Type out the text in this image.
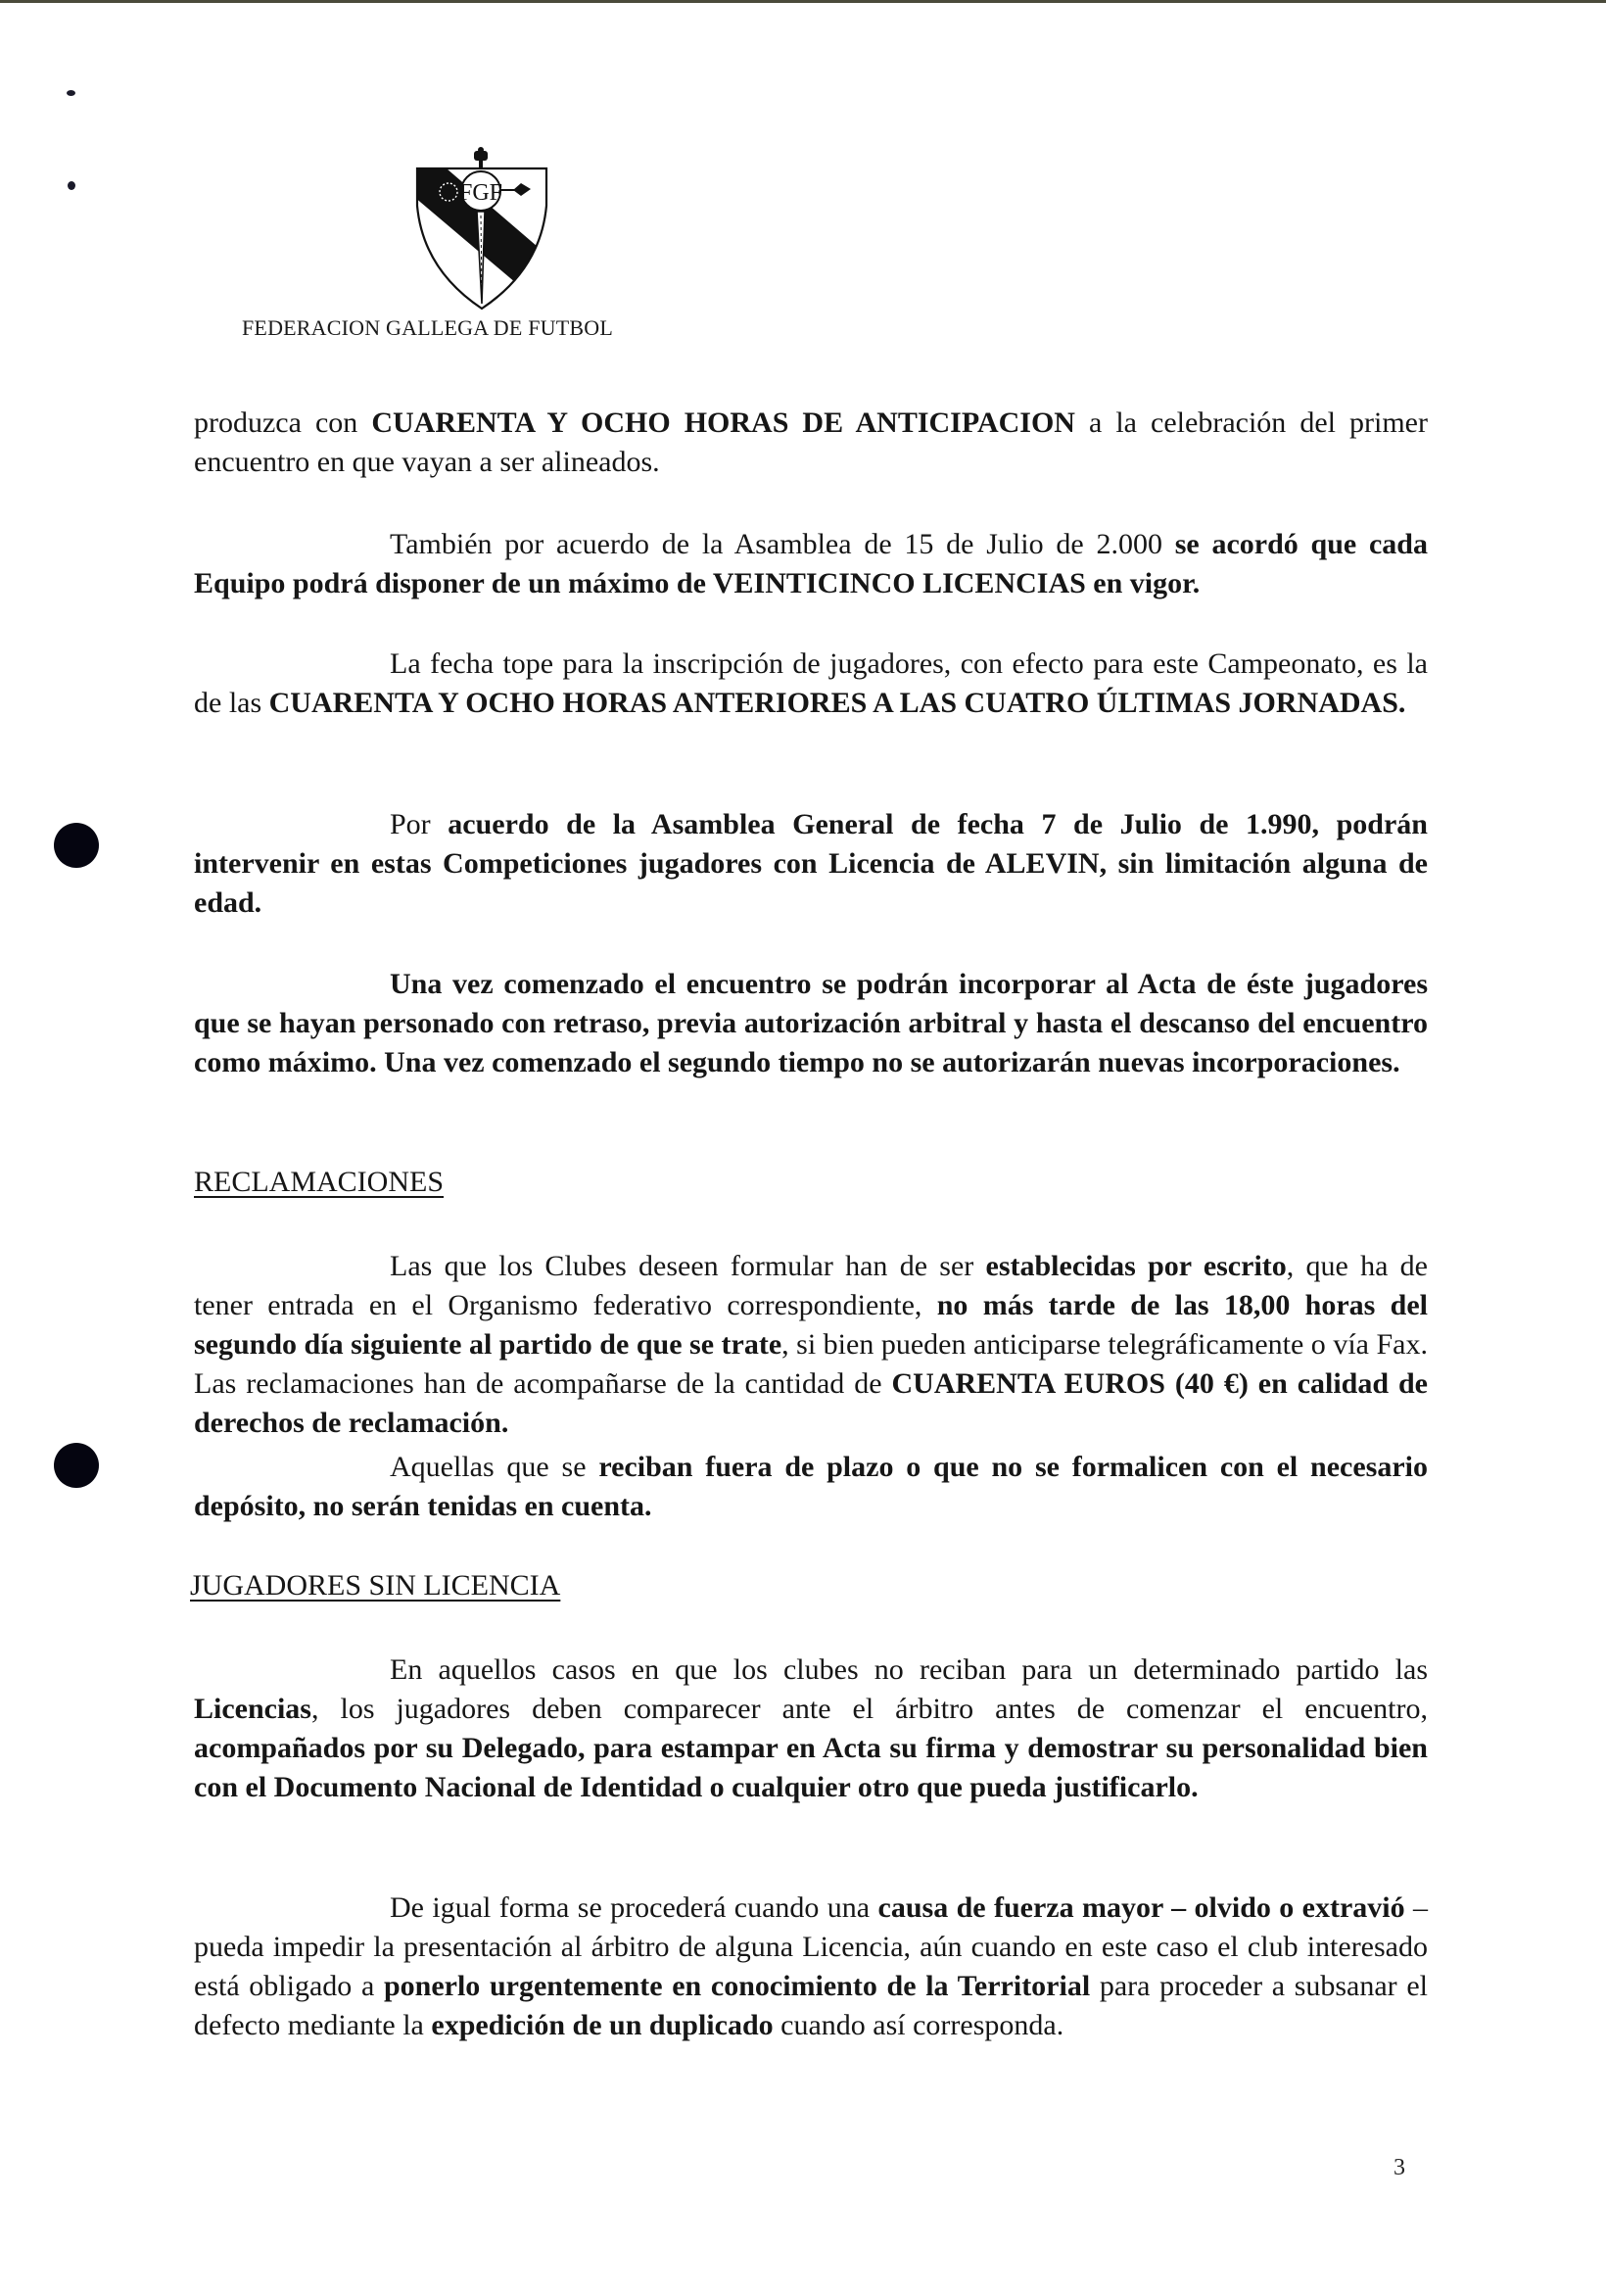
FGF
FEDERACION GALLEGA DE FUTBOL

produzca con CUARENTA Y OCHO HORAS DE ANTICIPACION a la celebración del primer encuentro en que vayan a ser alineados.

También por acuerdo de la Asamblea de 15 de Julio de 2.000 se acordó que cada Equipo podrá disponer de un máximo de VEINTICINCO LICENCIAS en vigor.

La fecha tope para la inscripción de jugadores, con efecto para este Campeonato, es la de las CUARENTA Y OCHO HORAS ANTERIORES A LAS CUATRO ÚLTIMAS JORNADAS.

Por acuerdo de la Asamblea General de fecha 7 de Julio de 1.990, podrán intervenir en estas Competiciones jugadores con Licencia de ALEVIN, sin limitación alguna de edad.

Una vez comenzado el encuentro se podrán incorporar al Acta de éste jugadores que se hayan personado con retraso, previa autorización arbitral y hasta el descanso del encuentro como máximo. Una vez comenzado el segundo tiempo no se autorizarán nuevas incorporaciones.

RECLAMACIONES

Las que los Clubes deseen formular han de ser establecidas por escrito, que ha de tener entrada en el Organismo federativo correspondiente, no más tarde de las 18,00 horas del segundo día siguiente al partido de que se trate, si bien pueden anticiparse telegráficamente o vía Fax. Las reclamaciones han de acompañarse de la cantidad de CUARENTA EUROS (40 €) en calidad de derechos de reclamación.

Aquellas que se reciban fuera de plazo o que no se formalicen con el necesario depósito, no serán tenidas en cuenta.

JUGADORES SIN LICENCIA

En aquellos casos en que los clubes no reciban para un determinado partido las Licencias, los jugadores deben comparecer ante el árbitro antes de comenzar el encuentro, acompañados por su Delegado, para estampar en Acta su firma y demostrar su personalidad bien con el Documento Nacional de Identidad o cualquier otro que pueda justificarlo.

De igual forma se procederá cuando una causa de fuerza mayor – olvido o extravió – pueda impedir la presentación al árbitro de alguna Licencia, aún cuando en este caso el club interesado está obligado a ponerlo urgentemente en conocimiento de la Territorial para proceder a subsanar el defecto mediante la expedición de un duplicado cuando así corresponda.

3
